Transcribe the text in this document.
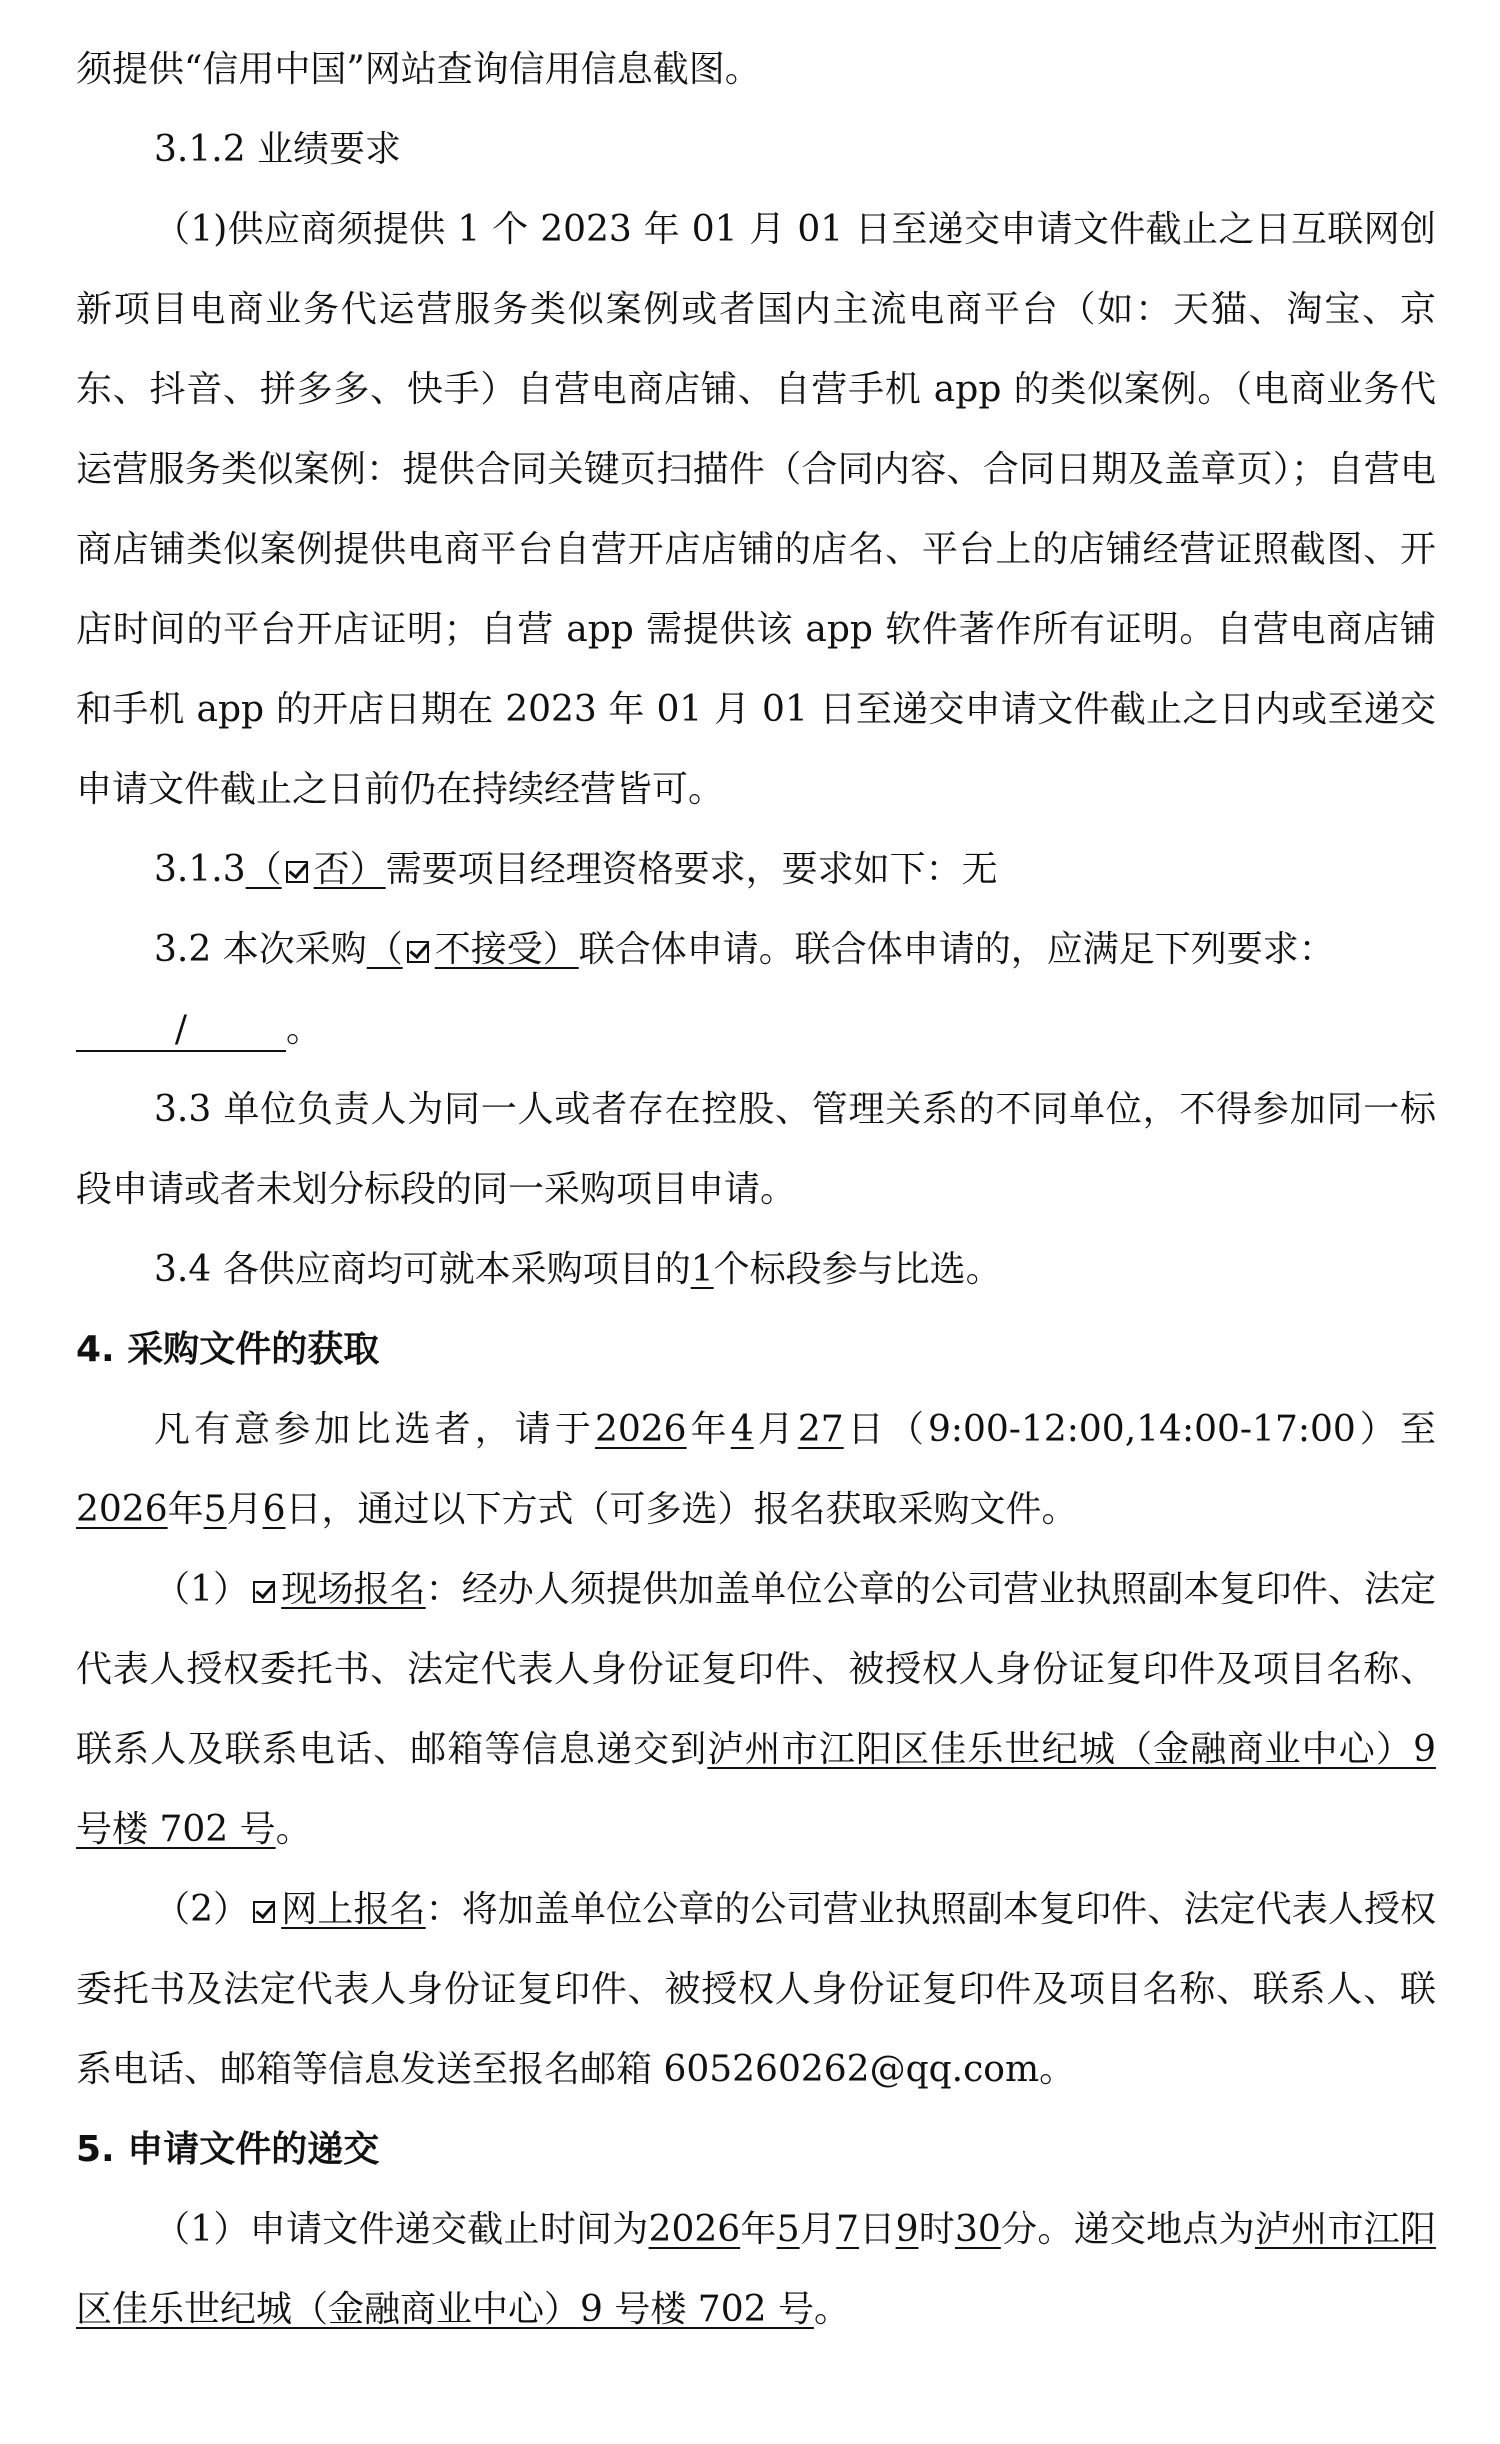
须提供“信用中国”网站查询信用信息截图。

3.1.2 业绩要求

（1)供应商须提供 1 个 2023 年 01 月 01 日至递交申请文件截止之日互联网创新项目电商业务代运营服务类似案例或者国内主流电商平台（如：天猫、淘宝、京东、抖音、拼多多、快手）自营电商店铺、自营手机 app 的类似案例。（电商业务代运营服务类似案例：提供合同关键页扫描件（合同内容、合同日期及盖章页）；自营电商店铺类似案例提供电商平台自营开店店铺的店名、平台上的店铺经营证照截图、开店时间的平台开店证明；自营 app 需提供该 app 软件著作所有证明。自营电商店铺和手机 app 的开店日期在 2023 年 01 月 01 日至递交申请文件截止之日内或至递交申请文件截止之日前仍在持续经营皆可。

3.1.3（ 否）需要项目经理资格要求，要求如下：无

3.2 本次采购（ 不接受）联合体申请。联合体申请的，应满足下列要求：

/	。

3.3 单位负责人为同一人或者存在控股、管理关系的不同单位，不得参加同一标段申请或者未划分标段的同一采购项目申请。

3.4 各供应商均可就本采购项目的1个标段参与比选。

4. 采购文件的获取

凡有意参加比选者，请于2026年4月27日（9:00-12:00,14:00-17:00）至2026年5月6日，通过以下方式（可多选）报名获取采购文件。

（1） 现场报名：经办人须提供加盖单位公章的公司营业执照副本复印件、法定代表人授权委托书、法定代表人身份证复印件、被授权人身份证复印件及项目名称、联系人及联系电话、邮箱等信息递交到泸州市江阳区佳乐世纪城（金融商业中心）9 号楼 702 号。

（2） 网上报名：将加盖单位公章的公司营业执照副本复印件、法定代表人授权委托书及法定代表人身份证复印件、被授权人身份证复印件及项目名称、联系人、联系电话、邮箱等信息发送至报名邮箱 605260262@qq.com。

5. 申请文件的递交

（1）申请文件递交截止时间为2026年5月7日9时30分。递交地点为泸州市江阳区佳乐世纪城（金融商业中心）9 号楼 702 号。
